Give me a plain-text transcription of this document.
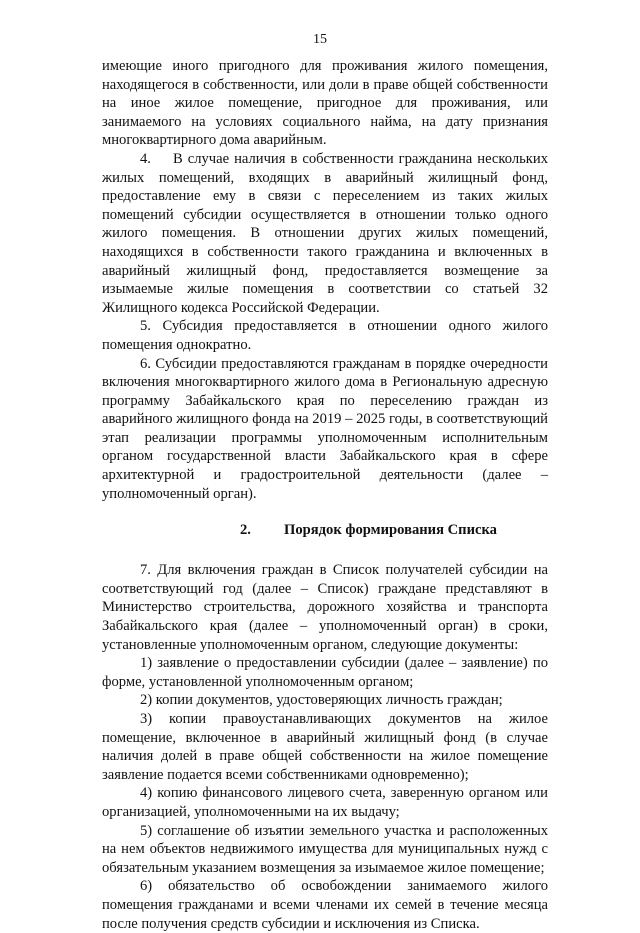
15

имеющие иного пригодного для проживания жилого помещения, находящегося в собственности, или доли в праве общей собственности на иное жилое помещение, пригодное для проживания, или занимаемого на условиях социального найма, на дату признания многоквартирного дома аварийным.

4. В случае наличия в собственности гражданина нескольких жилых помещений, входящих в аварийный жилищный фонд, предоставление ему в связи с переселением из таких жилых помещений субсидии осуществляется в отношении только одного жилого помещения. В отношении других жилых помещений, находящихся в собственности такого гражданина и включенных в аварийный жилищный фонд, предоставляется возмещение за изымаемые жилые помещения в соответствии со статьей 32 Жилищного кодекса Российской Федерации.

5. Субсидия предоставляется в отношении одного жилого помещения однократно.

6. Субсидии предоставляются гражданам в порядке очередности включения многоквартирного жилого дома в Региональную адресную программу Забайкальского края по переселению граждан из аварийного жилищного фонда на 2019 – 2025 годы, в соответствующий этап реализации программы уполномоченным исполнительным органом государственной власти Забайкальского края в сфере архитектурной и градостроительной деятельности (далее – уполномоченный орган).

2. Порядок формирования Списка

7. Для включения граждан в Список получателей субсидии на соответствующий год (далее – Список) граждане представляют в Министерство строительства, дорожного хозяйства и транспорта Забайкальского края (далее – уполномоченный орган) в сроки, установленные уполномоченным органом, следующие документы:

1) заявление о предоставлении субсидии (далее – заявление) по форме, установленной уполномоченным органом;

2) копии документов, удостоверяющих личность граждан;

3) копии правоустанавливающих документов на жилое помещение, включенное в аварийный жилищный фонд (в случае наличия долей в праве общей собственности на жилое помещение заявление подается всеми собственниками одновременно);

4) копию финансового лицевого счета, заверенную органом или организацией, уполномоченными на их выдачу;

5) соглашение об изъятии земельного участка и расположенных на нем объектов недвижимого имущества для муниципальных нужд с обязательным указанием возмещения за изымаемое жилое помещение;

6) обязательство об освобождении занимаемого жилого помещения гражданами и всеми членами их семей в течение месяца после получения средств субсидии и исключения из Списка.
